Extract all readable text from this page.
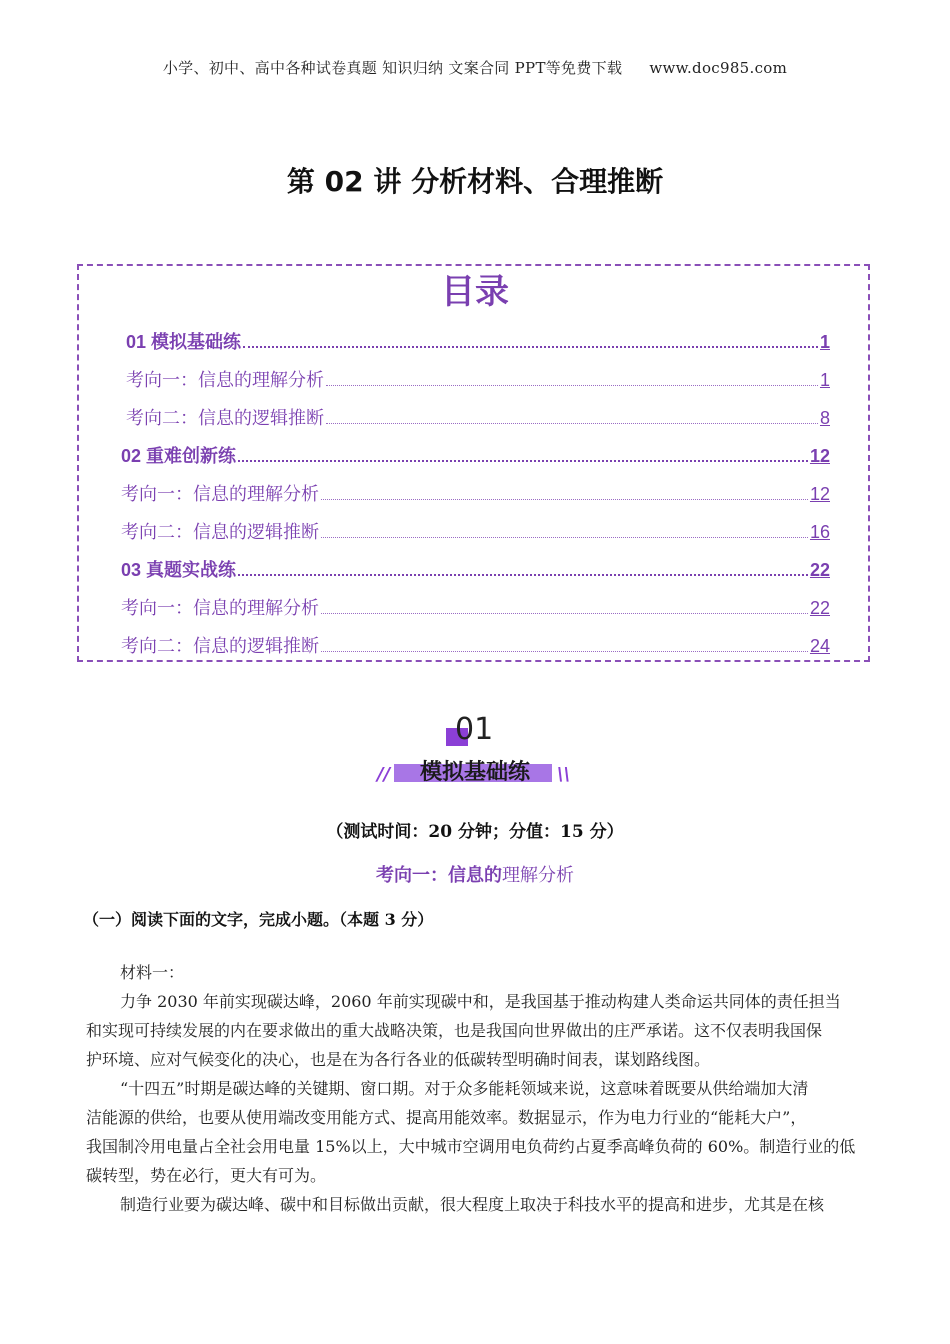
小学、初中、高中各种试卷真题 知识归纳 文案合同 PPT等免费下载 www.doc985.com
第 02 讲 分析材料、合理推断
目录
01 模拟基础练	1
考向一：信息的理解分析	1
考向二：信息的逻辑推断	8
02 重难创新练	12
考向一：信息的理解分析	12
考向二：信息的逻辑推断	16
03 真题实战练	22
考向一：信息的理解分析	22
考向二：信息的逻辑推断	24
01
//	模拟基础练	\\
（测试时间：20 分钟；分值：15 分）
考向一：信息的理解分析
（一）阅读下面的文字，完成小题。（本题 3 分）
材料一：
力争 2030 年前实现碳达峰，2060 年前实现碳中和，是我国基于推动构建人类命运共同体的责任担当
和实现可持续发展的内在要求做出的重大战略决策，也是我国向世界做出的庄严承诺。这不仅表明我国保
护环境、应对气候变化的决心，也是在为各行各业的低碳转型明确时间表，谋划路线图。
“十四五”时期是碳达峰的关键期、窗口期。对于众多能耗领域来说，这意味着既要从供给端加大清
洁能源的供给，也要从使用端改变用能方式、提高用能效率。数据显示，作为电力行业的“能耗大户”，
我国制冷用电量占全社会用电量 15%以上，大中城市空调用电负荷约占夏季高峰负荷的 60%。制造行业的低
碳转型，势在必行，更大有可为。
制造行业要为碳达峰、碳中和目标做出贡献，很大程度上取决于科技水平的提高和进步，尤其是在核
